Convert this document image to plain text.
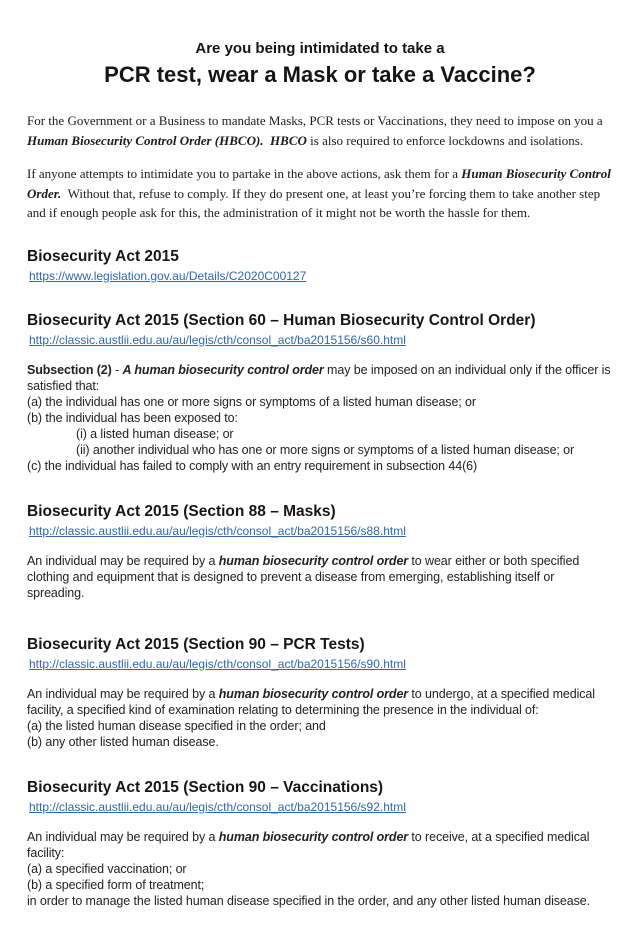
Are you being intimidated to take a
PCR test, wear a Mask or take a Vaccine?

For the Government or a Business to mandate Masks, PCR tests or Vaccinations, they need to impose on you a Human Biosecurity Control Order (HBCO).  HBCO is also required to enforce lockdowns and isolations.

If anyone attempts to intimidate you to partake in the above actions, ask them for a Human Biosecurity Control Order.  Without that, refuse to comply. If they do present one, at least you’re forcing them to take another step and if enough people ask for this, the administration of it might not be worth the hassle for them.

Biosecurity Act 2015
https://www.legislation.gov.au/Details/C2020C00127
Biosecurity Act 2015 (Section 60 – Human Biosecurity Control Order)
http://classic.austlii.edu.au/au/legis/cth/consol_act/ba2015156/s60.html
Subsection (2) - A human biosecurity control order may be imposed on an individual only if the officer is satisfied that:
(a) the individual has one or more signs or symptoms of a listed human disease; or
(b) the individual has been exposed to:
(i) a listed human disease; or
(ii) another individual who has one or more signs or symptoms of a listed human disease; or
(c) the individual has failed to comply with an entry requirement in subsection 44(6)
Biosecurity Act 2015 (Section 88 – Masks)
http://classic.austlii.edu.au/au/legis/cth/consol_act/ba2015156/s88.html
An individual may be required by a human biosecurity control order to wear either or both specified clothing and equipment that is designed to prevent a disease from emerging, establishing itself or spreading.
Biosecurity Act 2015 (Section 90 – PCR Tests)
http://classic.austlii.edu.au/au/legis/cth/consol_act/ba2015156/s90.html
An individual may be required by a human biosecurity control order to undergo, at a specified medical facility, a specified kind of examination relating to determining the presence in the individual of:
(a) the listed human disease specified in the order; and
(b) any other listed human disease.
Biosecurity Act 2015 (Section 90 – Vaccinations)
http://classic.austlii.edu.au/au/legis/cth/consol_act/ba2015156/s92.html
An individual may be required by a human biosecurity control order to receive, at a specified medical facility:
(a) a specified vaccination; or
(b) a specified form of treatment;
in order to manage the listed human disease specified in the order, and any other listed human disease.
